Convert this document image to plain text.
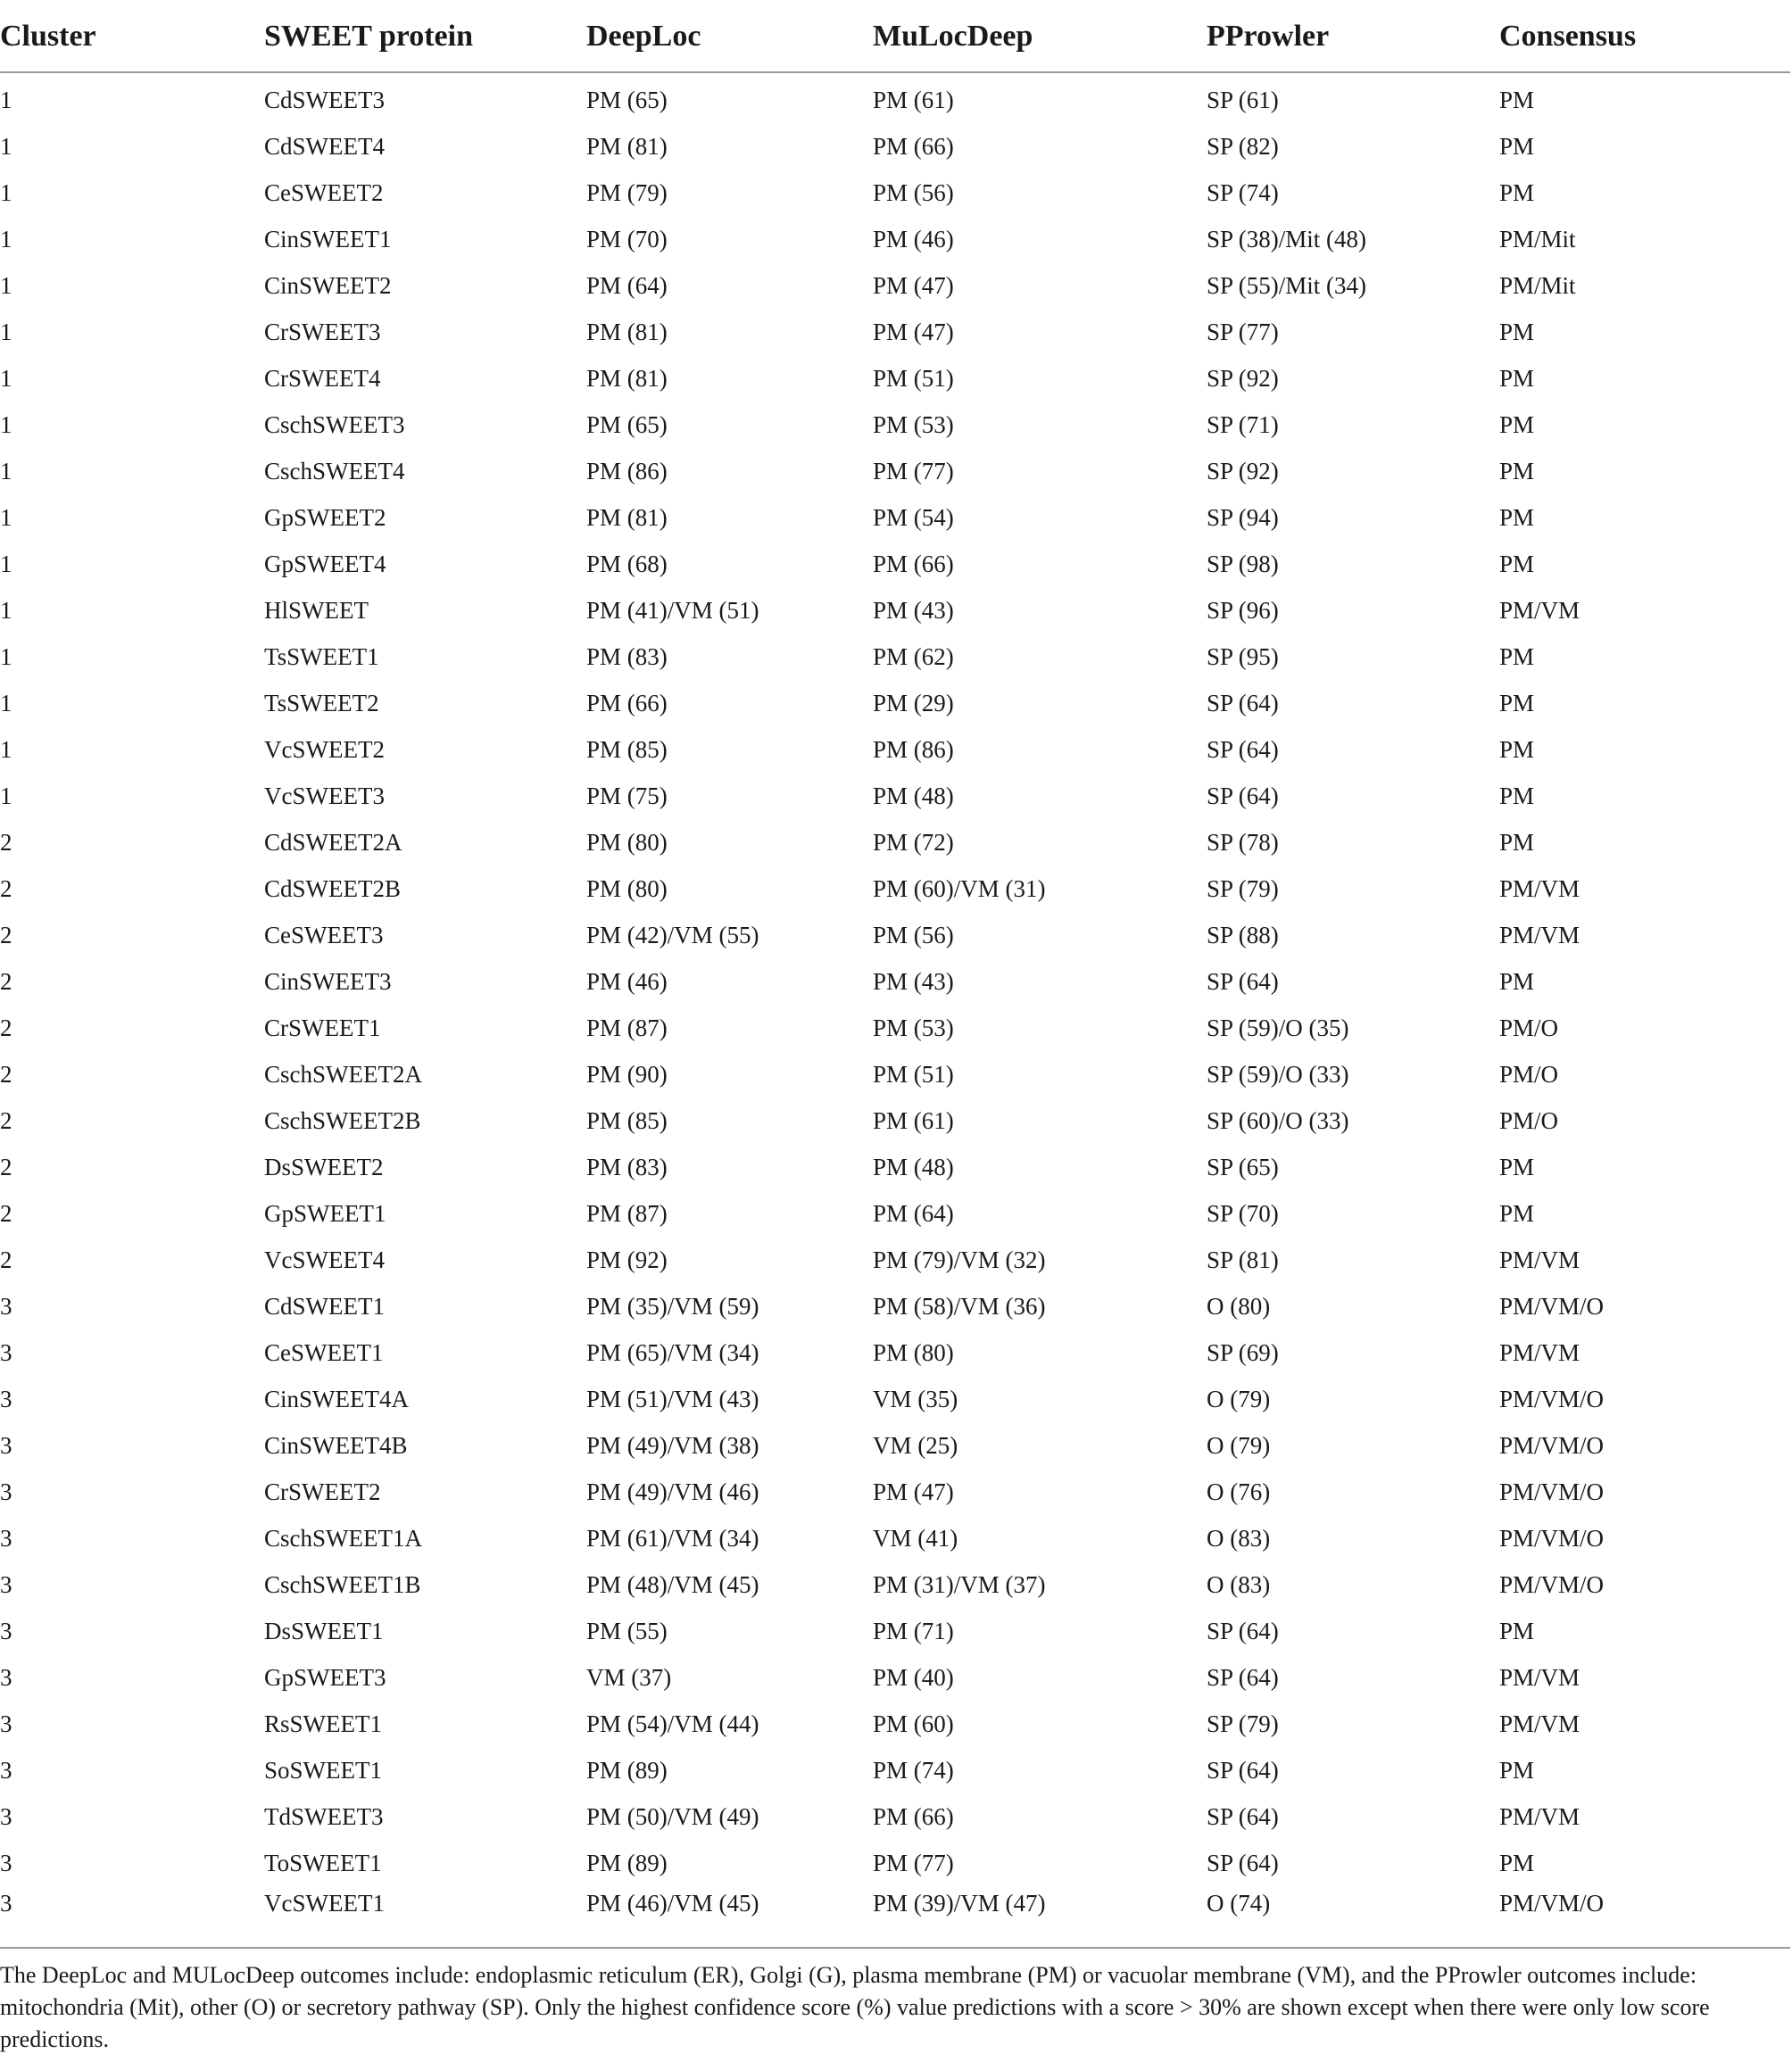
Cluster	SWEET protein	DeepLoc	MuLocDeep	PProwler	Consensus
1	CdSWEET3	PM (65)	PM (61)	SP (61)	PM
1	CdSWEET4	PM (81)	PM (66)	SP (82)	PM
1	CeSWEET2	PM (79)	PM (56)	SP (74)	PM
1	CinSWEET1	PM (70)	PM (46)	SP (38)/Mit (48)	PM/Mit
1	CinSWEET2	PM (64)	PM (47)	SP (55)/Mit (34)	PM/Mit
1	CrSWEET3	PM (81)	PM (47)	SP (77)	PM
1	CrSWEET4	PM (81)	PM (51)	SP (92)	PM
1	CschSWEET3	PM (65)	PM (53)	SP (71)	PM
1	CschSWEET4	PM (86)	PM (77)	SP (92)	PM
1	GpSWEET2	PM (81)	PM (54)	SP (94)	PM
1	GpSWEET4	PM (68)	PM (66)	SP (98)	PM
1	HlSWEET	PM (41)/VM (51)	PM (43)	SP (96)	PM/VM
1	TsSWEET1	PM (83)	PM (62)	SP (95)	PM
1	TsSWEET2	PM (66)	PM (29)	SP (64)	PM
1	VcSWEET2	PM (85)	PM (86)	SP (64)	PM
1	VcSWEET3	PM (75)	PM (48)	SP (64)	PM
2	CdSWEET2A	PM (80)	PM (72)	SP (78)	PM
2	CdSWEET2B	PM (80)	PM (60)/VM (31)	SP (79)	PM/VM
2	CeSWEET3	PM (42)/VM (55)	PM (56)	SP (88)	PM/VM
2	CinSWEET3	PM (46)	PM (43)	SP (64)	PM
2	CrSWEET1	PM (87)	PM (53)	SP (59)/O (35)	PM/O
2	CschSWEET2A	PM (90)	PM (51)	SP (59)/O (33)	PM/O
2	CschSWEET2B	PM (85)	PM (61)	SP (60)/O (33)	PM/O
2	DsSWEET2	PM (83)	PM (48)	SP (65)	PM
2	GpSWEET1	PM (87)	PM (64)	SP (70)	PM
2	VcSWEET4	PM (92)	PM (79)/VM (32)	SP (81)	PM/VM
3	CdSWEET1	PM (35)/VM (59)	PM (58)/VM (36)	O (80)	PM/VM/O
3	CeSWEET1	PM (65)/VM (34)	PM (80)	SP (69)	PM/VM
3	CinSWEET4A	PM (51)/VM (43)	VM (35)	O (79)	PM/VM/O
3	CinSWEET4B	PM (49)/VM (38)	VM (25)	O (79)	PM/VM/O
3	CrSWEET2	PM (49)/VM (46)	PM (47)	O (76)	PM/VM/O
3	CschSWEET1A	PM (61)/VM (34)	VM (41)	O (83)	PM/VM/O
3	CschSWEET1B	PM (48)/VM (45)	PM (31)/VM (37)	O (83)	PM/VM/O
3	DsSWEET1	PM (55)	PM (71)	SP (64)	PM
3	GpSWEET3	VM (37)	PM (40)	SP (64)	PM/VM
3	RsSWEET1	PM (54)/VM (44)	PM (60)	SP (79)	PM/VM
3	SoSWEET1	PM (89)	PM (74)	SP (64)	PM
3	TdSWEET3	PM (50)/VM (49)	PM (66)	SP (64)	PM/VM
3	ToSWEET1	PM (89)	PM (77)	SP (64)	PM
3	VcSWEET1	PM (46)/VM (45)	PM (39)/VM (47)	O (74)	PM/VM/O
The DeepLoc and MULocDeep outcomes include: endoplasmic reticulum (ER), Golgi (G), plasma membrane (PM) or vacuolar membrane (VM), and the PProwler outcomes include: mitochondria (Mit), other (O) or secretory pathway (SP). Only the highest confidence score (%) value predictions with a score > 30% are shown except when there were only low score predictions.
